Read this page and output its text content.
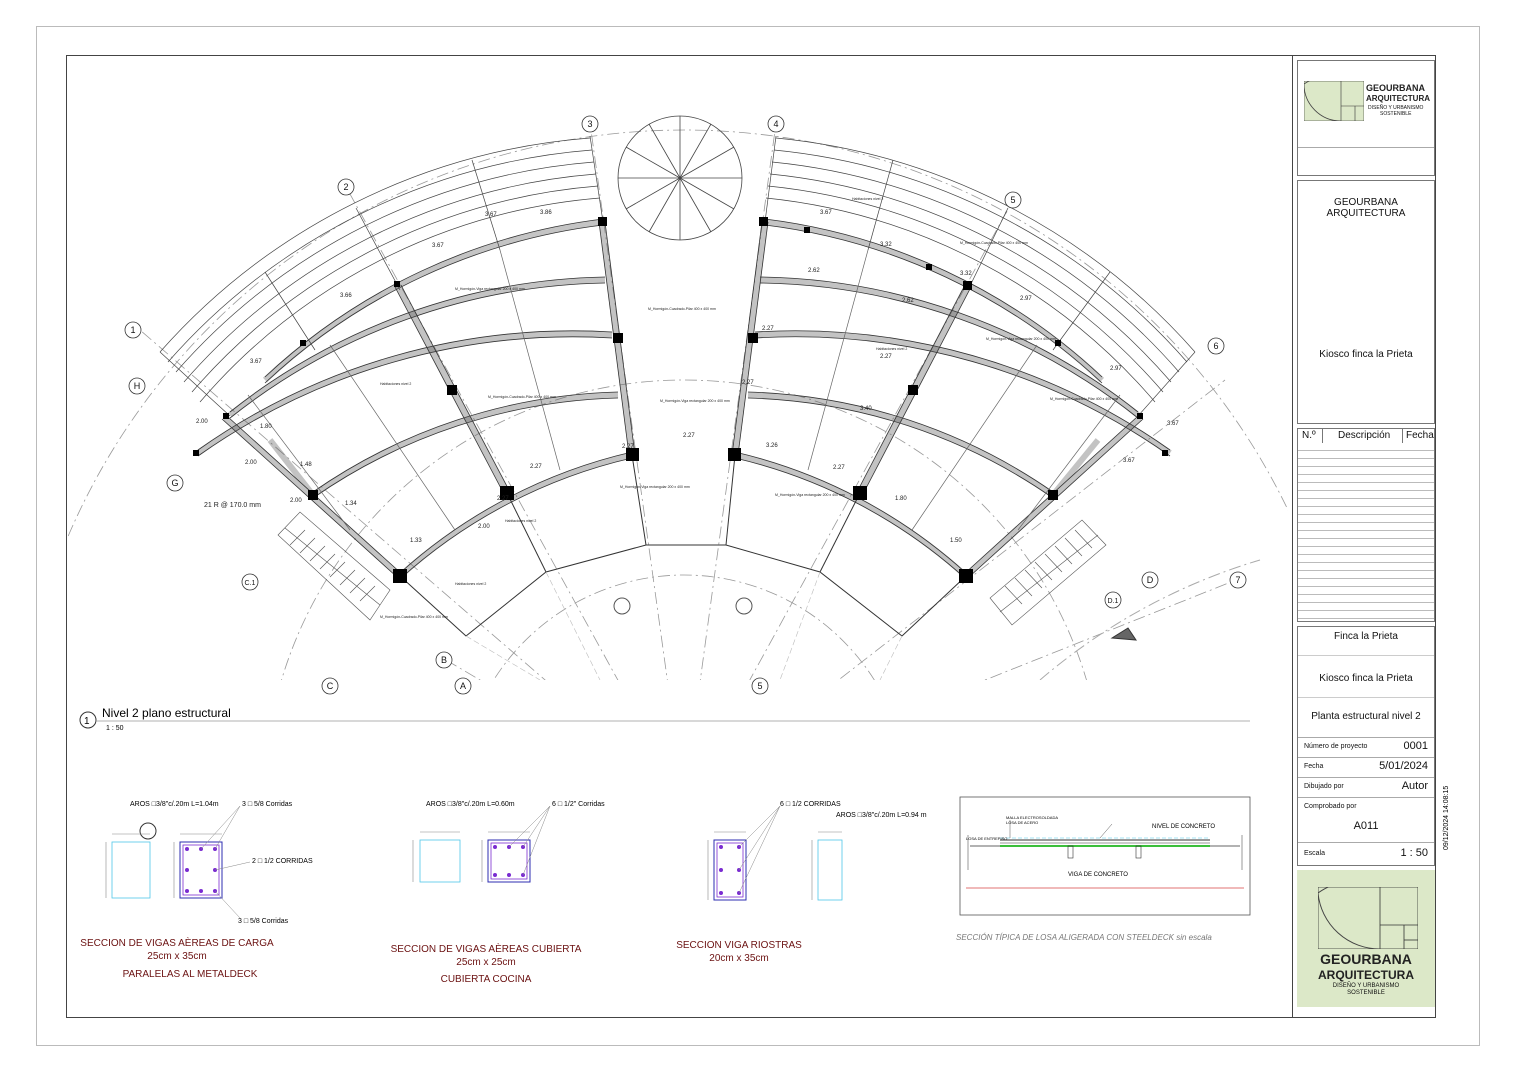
1
2
3	4
5
6
7
5
H
G
C.1
C
B
A
D
D.1
3.67
3.66
3.67
3.86
3.67	3.67
3.32
3.32
2.97
2.97
2.62
2.62
2.27
2.27
2.27
3.40
2.27
2.27
2.27
2.27
3.26
2.27
1.80
1.50
1.33
2.00
2.00
2.00
2.00
1.80
1.48
1.34
3.67
3.67
M_Hormigón-Cuadrado-Pilar 400 x 400 mm
M_Hormigón-Viga rectangular 200 x 400 mm
Habitaciones nivel 2
M_Hormigón-Cuadrado-Pilar 400 x 400 mm
M_Hormigón-Viga rectangular 200 x 400 mm
Habitaciones nivel 2
M_Hormigón-Cuadrado-Pilar 400 x 400 mm
M_Hormigón-Viga rectangular 200 x 400 mm
Habitaciones nivel 2
M_Hormigón-Cuadrado-Pilar 400 x 400 mm
M_Hormigón-Viga rectangular 200 x 400 mm
Habitaciones nivel 2
M_Hormigón-Cuadrado-Pilar 400 x 400 mm
M_Hormigón-Viga rectangular 200 x 400 mm
Habitaciones nivel 2
21 R @ 170.0 mm
1
Nivel 2 plano estructural
1 : 50
AROS □3/8"c/.20m L=1.04m	3 □ 5/8 Corridas
2 □ 1/2 CORRIDAS
3 □ 5/8 Corridas
SECCION DE VIGAS AÈREAS DE CARGA
25cm x 35cm
PARALELAS AL METALDECK
AROS □3/8"c/.20m L=0.60m	6 □ 1/2" Corridas
SECCION DE VIGAS AÈREAS CUBIERTA
25cm x 25cm
CUBIERTA COCINA
6 □ 1/2 CORRIDAS
AROS □3/8"c/.20m L=0.94 m
SECCION VIGA RIOSTRAS
20cm x 35cm
MALLA ELECTROSOLDADA
LOSA DE ACERO
LOSA DE ENTREPISO
NIVEL DE CONCRETO
VIGA DE CONCRETO
SECCIÓN TÍPICA DE LOSA ALIGERADA CON STEELDECK sin escala
09/12/2024 14:08:15
GEOURBANA
ARQUITECTURA
DISEÑO Y URBANISMO
SOSTENIBLE
GEOURBANA
ARQUITECTURA
Kiosco finca la Prieta
N.º Descripción Fecha
Finca la Prieta
Kiosco finca la Prieta
Planta estructural nivel 2
Número de proyecto	0001
Fecha	5/01/2024
Dibujado por	Autor
Comprobado por
A011
Escala	1 : 50
GEOURBANA
ARQUITECTURA
DISEÑO Y URBANISMO
SOSTENIBLE
